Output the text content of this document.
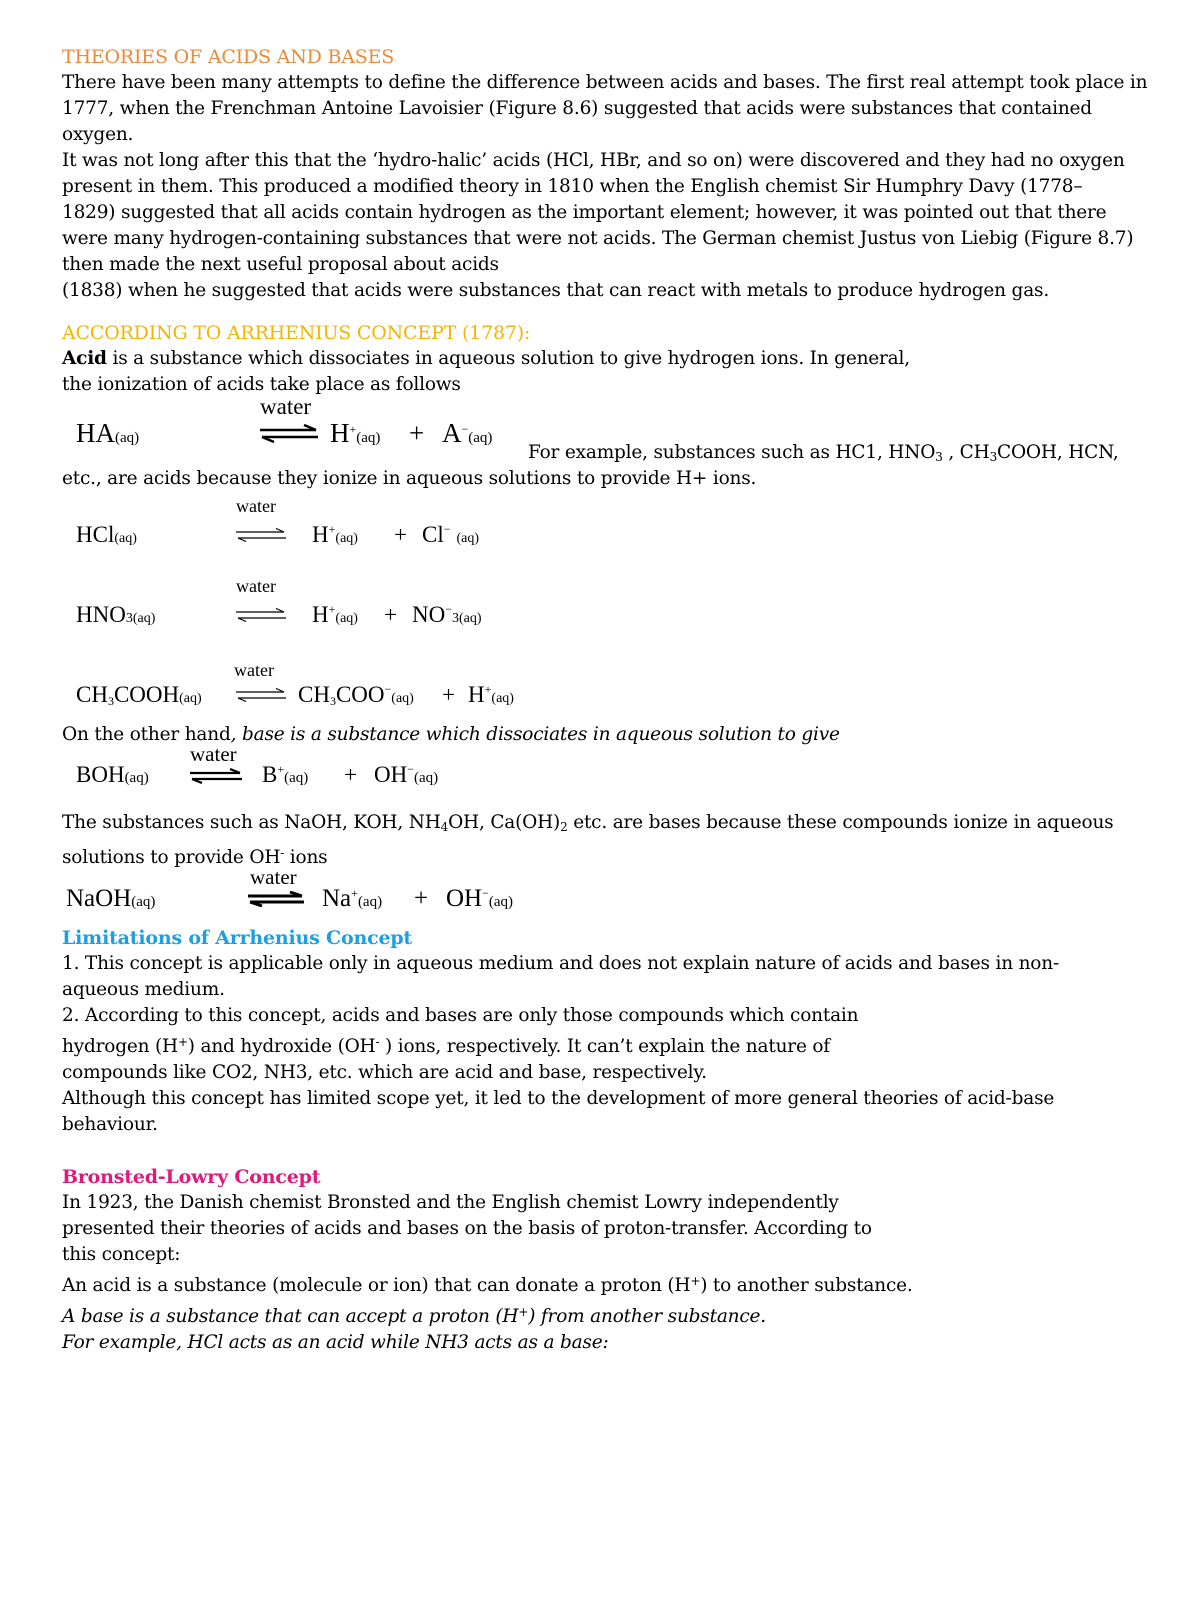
THEORIES OF ACIDS AND BASES
There have been many attempts to define the difference between acids and bases. The first real attempt took place in
1777, when the Frenchman Antoine Lavoisier (Figure 8.6) suggested that acids were substances that contained
oxygen.
It was not long after this that the ‘hydro-halic’ acids (HCl, HBr, and so on) were discovered and they had no oxygen
present in them. This produced a modified theory in 1810 when the English chemist Sir Humphry Davy (1778–
1829) suggested that all acids contain hydrogen as the important element; however, it was pointed out that there
were many hydrogen-containing substances that were not acids. The German chemist Justus von Liebig (Figure 8.7)
then made the next useful proposal about acids
(1838) when he suggested that acids were substances that can react with metals to produce hydrogen gas.
ACCORDING TO ARRHENIUS CONCEPT (1787):
Acid is a substance which dissociates in aqueous solution to give hydrogen ions. In general,
the ionization of acids take place as follows
water
HA(aq)	⇌ H+(aq) + A−(aq)
For example, substances such as HC1, $HNO_3$ , $CH_3COOH$, HCN,
etc., are acids because they ionize in aqueous solutions to provide H+ ions.
water
HCl(aq)	⇌ H+(aq) + Cl−(aq)
water
HNO3(aq)	⇌ H+(aq) + NO−3(aq)
water
$CH_3COOH(aq)$ ⇌ $CH_3COO^-(aq) + H^+(aq)$
On the other hand, base is a substance which dissociates in aqueous solution to give
water
BOH(aq) ⇌ B+(aq) + OH−(aq)
The substances such as NaOH, KOH, $NH_4OH$, $Ca(OH)_2$ etc. are bases because these compounds ionize in aqueous
solutions to provide OH- ions
water
NaOH(aq)	⇌ Na+(aq) + OH−(aq)
Limitations of Arrhenius Concept
1. This concept is applicable only in aqueous medium and does not explain nature of acids and bases in non-
aqueous medium.
2. According to this concept, acids and bases are only those compounds which contain
hydrogen (H+) and hydroxide (OH- ) ions, respectively. It can’t explain the nature of
compounds like CO2, NH3, etc. which are acid and base, respectively.
Although this concept has limited scope yet, it led to the development of more general theories of acid-base
behaviour.
Bronsted-Lowry Concept
In 1923, the Danish chemist Bronsted and the English chemist Lowry independently
presented their theories of acids and bases on the basis of proton-transfer. According to
this concept:
An acid is a substance (molecule or ion) that can donate a proton (H+) to another substance.
A base is a substance that can accept a proton (H+) from another substance.
For example, HCl acts as an acid while NH3 acts as a base:
